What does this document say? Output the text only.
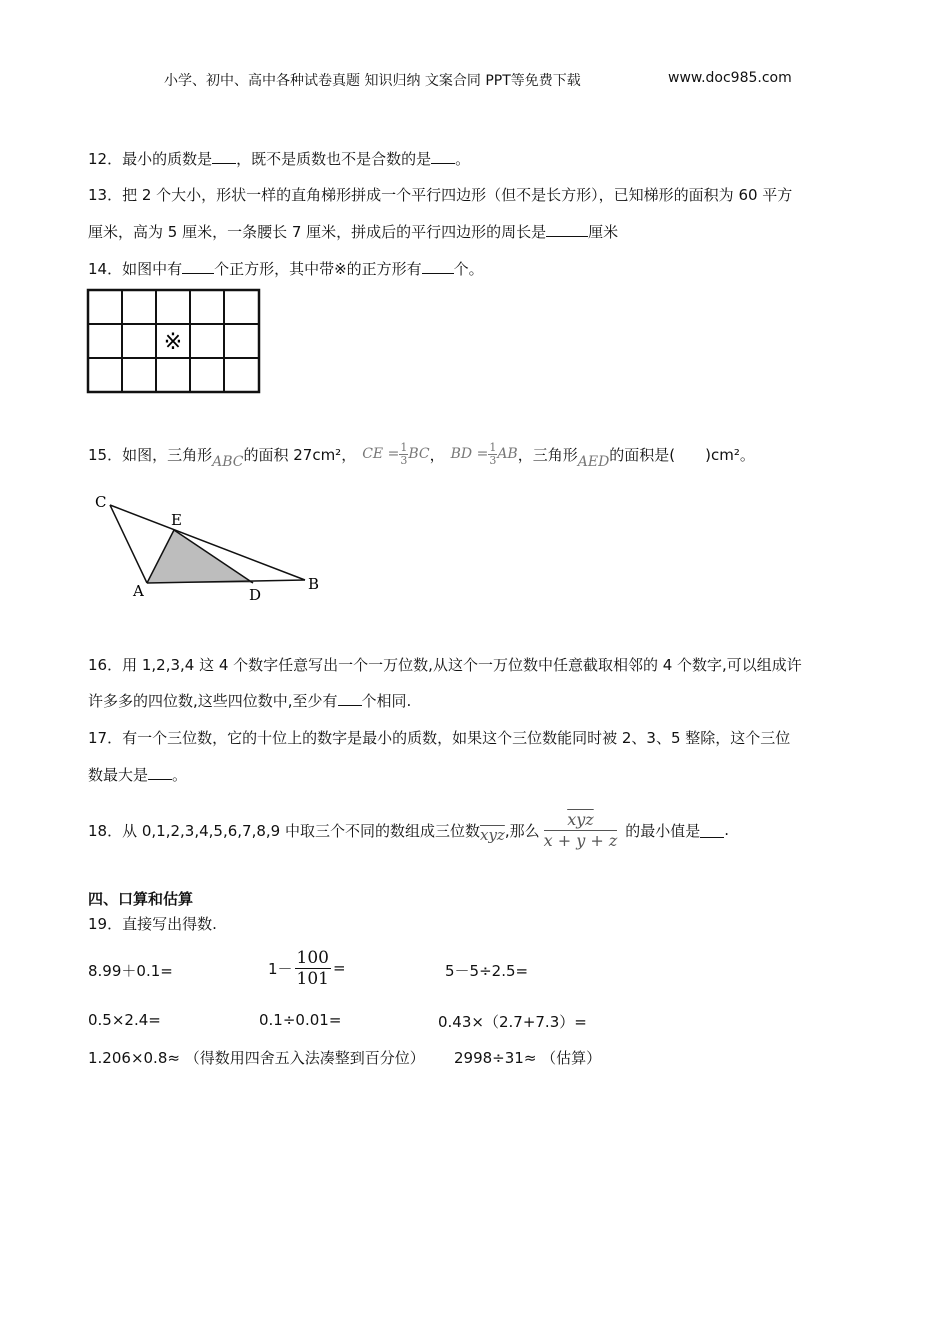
小学、初中、高中各种试卷真题 知识归纳 文案合同 PPT等免费下载	www.doc985.com
12．最小的质数是 ，既不是质数也不是合数的是 。
13．把 2 个大小，形状一样的直角梯形拼成一个平行四边形（但不是长方形），已知梯形的面积为 60 平方
厘米，高为 5 厘米，一条腰长 7 厘米，拼成后的平行四边形的周长是	厘米
14．如图中有 个正方形，其中带※的正方形有 个。
※
15．如图，三角形 ABC 的面积 27cm²， CE = $\frac{1}{3}$ BC ， BD = $\frac{1}{3}$ AB ，三角形 AED 的面积是( )cm²。
C
E
A	D
B
16．用 1,2,3,4 这 4 个数字任意写出一个一万位数,从这个一万位数中任意截取相邻的 4 个数字,可以组成许
许多多的四位数,这些四位数中,至少有 个相同.
17．有一个三位数，它的十位上的数字是最小的质数，如果这个三位数能同时被 2、3、5 整除，这个三位
数最大是 。
18．从 0,1,2,3,4,5,6,7,8,9 中取三个不同的数组成三位数 $\overline{xyz}$ ,那么 $\frac{\overline{xyz}}{x + y + z}$ 的最小值是 .
四、口算和估算
19．直接写出得数.
8.99＋0.1=	$1- \frac{100}{101}$ =	5－5÷2.5=
0.5×2.4=	0.1÷0.01=	0.43×（2.7+7.3）=
1.206×0.8≈ （得数用四舍五入法凑整到百分位） 2998÷31≈ （估算）
